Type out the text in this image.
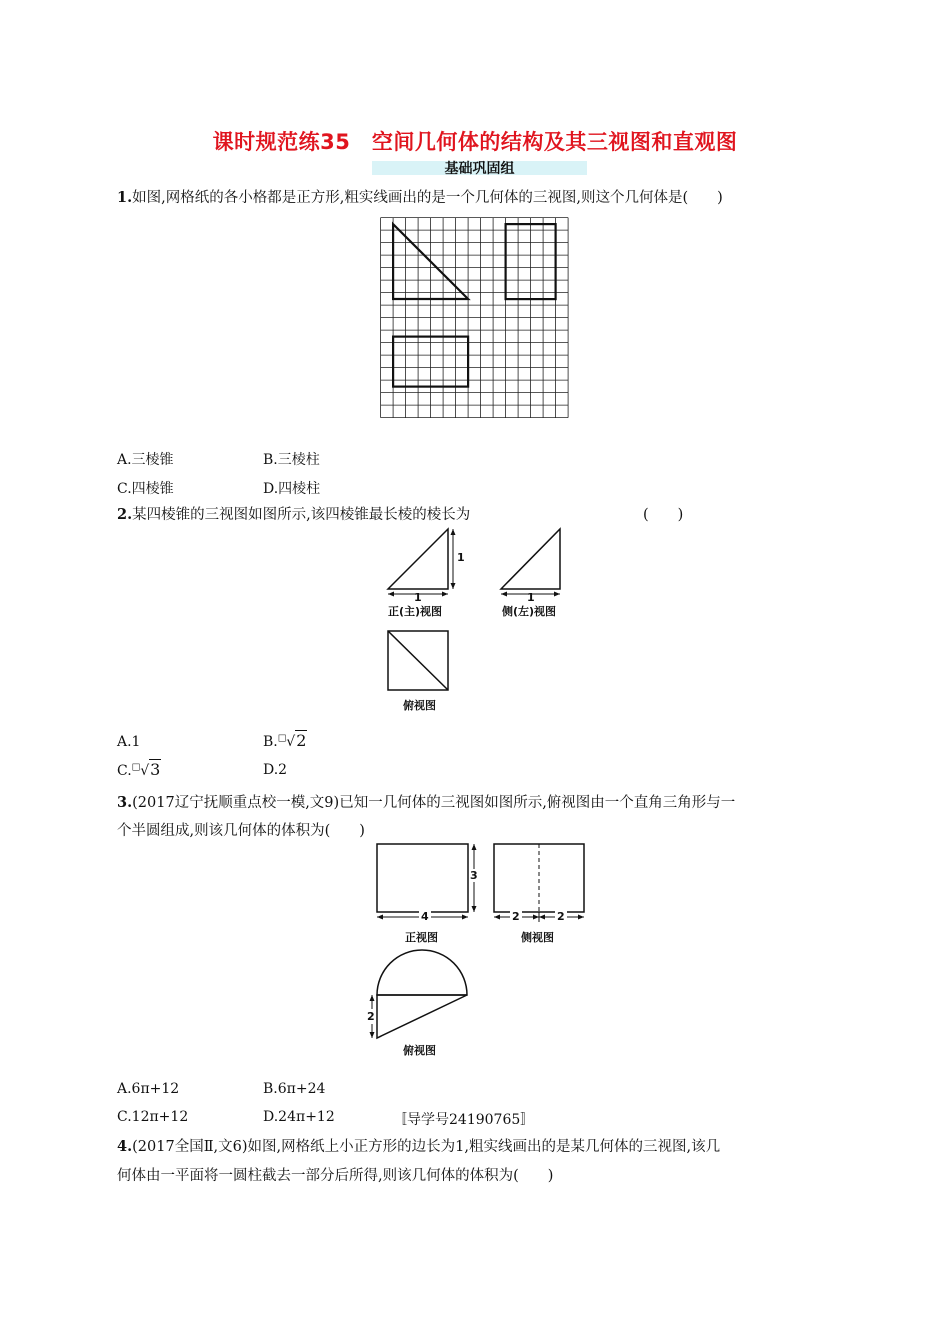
课时规范练35　空间几何体的结构及其三视图和直观图
基础巩固组
1.如图,网格纸的各小格都是正方形,粗实线画出的是一个几何体的三视图,则这个几何体是(　　)
A.三棱锥	B.三棱柱
C.四棱锥	D.四棱柱
2.某四棱锥的三视图如图所示,该四棱锥最长棱的棱长为	(　　)
1
1	1
正(主)视图	侧(左)视图
俯视图
A.1	B.□√2
C.□√3	D.2
3.(2017辽宁抚顺重点校一模,文9)已知一几何体的三视图如图所示,俯视图由一个直角三角形与一
个半圆组成,则该几何体的体积为(　　)
3
4	2	2
2
正视图	侧视图
俯视图
A.6π+12	B.6π+24
C.12π+12	D.24π+12	〚导学号24190765〛
4.(2017全国Ⅱ,文6)如图,网格纸上小正方形的边长为1,粗实线画出的是某几何体的三视图,该几
何体由一平面将一圆柱截去一部分后所得,则该几何体的体积为(　　)
